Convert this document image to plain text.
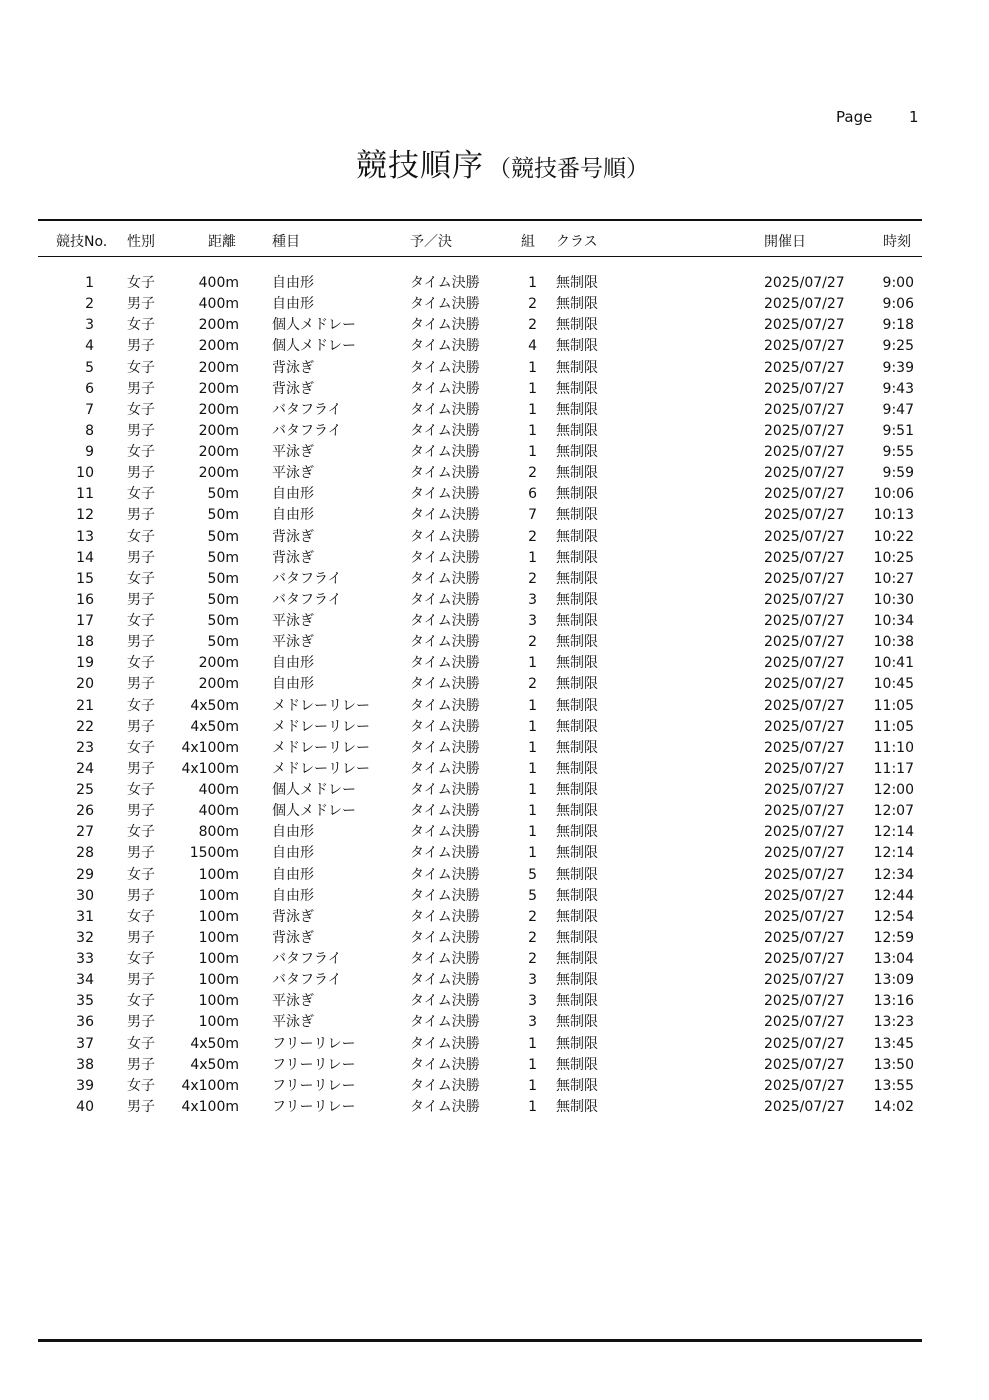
Page 1
競技順序 （競技番号順）
競技No. 性別	距離	種目	予／決	組 クラス	開催日	時刻
1 女子	400m 自由形	タイム決勝	1 無制限	2025/07/27	9:00
2 男子	400m 自由形	タイム決勝	2 無制限	2025/07/27	9:06
3 女子	200m 個人メドレー	タイム決勝	2 無制限	2025/07/27	9:18
4 男子	200m 個人メドレー	タイム決勝	4 無制限	2025/07/27	9:25
5 女子	200m 背泳ぎ	タイム決勝	1 無制限	2025/07/27	9:39
6 男子	200m 背泳ぎ	タイム決勝	1 無制限	2025/07/27	9:43
7 女子	200m バタフライ	タイム決勝	1 無制限	2025/07/27	9:47
8 男子	200m バタフライ	タイム決勝	1 無制限	2025/07/27	9:51
9 女子	200m 平泳ぎ	タイム決勝	1 無制限	2025/07/27	9:55
10 男子	200m 平泳ぎ	タイム決勝	2 無制限	2025/07/27	9:59
11 女子	50m 自由形	タイム決勝	6 無制限	2025/07/27 10:06
12 男子	50m 自由形	タイム決勝	7 無制限	2025/07/27 10:13
13 女子	50m 背泳ぎ	タイム決勝	2 無制限	2025/07/27 10:22
14 男子	50m 背泳ぎ	タイム決勝	1 無制限	2025/07/27 10:25
15 女子	50m バタフライ	タイム決勝	2 無制限	2025/07/27 10:27
16 男子	50m バタフライ	タイム決勝	3 無制限	2025/07/27 10:30
17 女子	50m 平泳ぎ	タイム決勝	3 無制限	2025/07/27 10:34
18 男子	50m 平泳ぎ	タイム決勝	2 無制限	2025/07/27 10:38
19 女子	200m 自由形	タイム決勝	1 無制限	2025/07/27 10:41
20 男子	200m 自由形	タイム決勝	2 無制限	2025/07/27 10:45
21 女子	4x50m メドレーリレー	タイム決勝	1 無制限	2025/07/27 11:05
22 男子	4x50m メドレーリレー	タイム決勝	1 無制限	2025/07/27 11:05
23 女子 4x100m メドレーリレー	タイム決勝	1 無制限	2025/07/27 11:10
24 男子 4x100m メドレーリレー	タイム決勝	1 無制限	2025/07/27 11:17
25 女子	400m 個人メドレー	タイム決勝	1 無制限	2025/07/27 12:00
26 男子	400m 個人メドレー	タイム決勝	1 無制限	2025/07/27 12:07
27 女子	800m 自由形	タイム決勝	1 無制限	2025/07/27 12:14
28 男子 1500m 自由形	タイム決勝	1 無制限	2025/07/27 12:14
29 女子	100m 自由形	タイム決勝	5 無制限	2025/07/27 12:34
30 男子	100m 自由形	タイム決勝	5 無制限	2025/07/27 12:44
31 女子	100m 背泳ぎ	タイム決勝	2 無制限	2025/07/27 12:54
32 男子	100m 背泳ぎ	タイム決勝	2 無制限	2025/07/27 12:59
33 女子	100m バタフライ	タイム決勝	2 無制限	2025/07/27 13:04
34 男子	100m バタフライ	タイム決勝	3 無制限	2025/07/27 13:09
35 女子	100m 平泳ぎ	タイム決勝	3 無制限	2025/07/27 13:16
36 男子	100m 平泳ぎ	タイム決勝	3 無制限	2025/07/27 13:23
37 女子	4x50m フリーリレー	タイム決勝	1 無制限	2025/07/27 13:45
38 男子	4x50m フリーリレー	タイム決勝	1 無制限	2025/07/27 13:50
39 女子 4x100m フリーリレー	タイム決勝	1 無制限	2025/07/27 13:55
40 男子 4x100m フリーリレー	タイム決勝	1 無制限	2025/07/27 14:02
